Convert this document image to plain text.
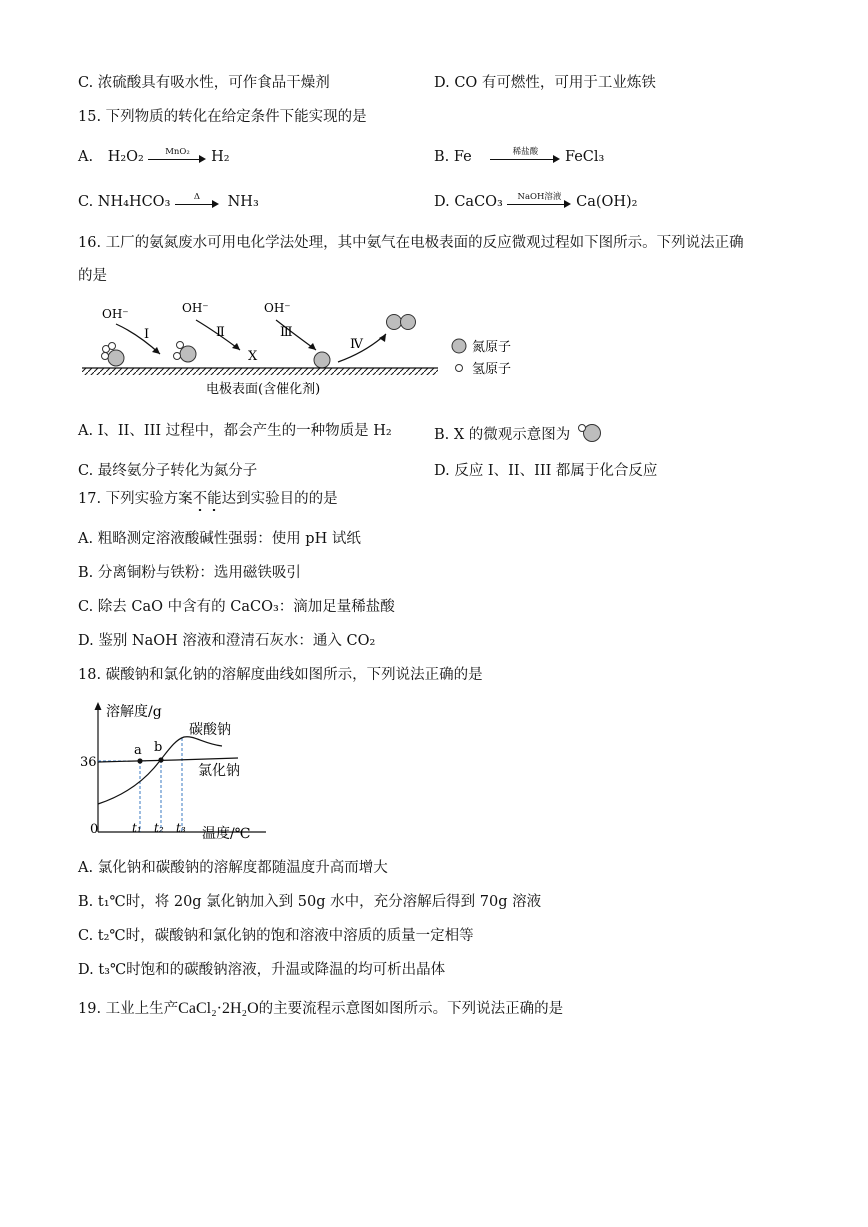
C. 浓硫酸具有吸水性，可作食品干燥剂	D. CO 有可燃性，可用于工业炼铁
15. 下列物质的转化在给定条件下能实现的是
A. H₂O₂	MnO₂	H₂	B. Fe	稀盐酸	FeCl₃
C. NH₄HCO₃	Δ	NH₃	D. CaCO₃	NaOH溶液	Ca(OH)₂
16. 工厂的氨氮废水可用电化学法处理，其中氨气在电极表面的反应微观过程如下图所示。下列说法正确
的是
OH⁻	OH⁻	OH⁻
Ⅰ	Ⅱ	Ⅲ
Ⅳ
X
电极表面(含催化剂)
氮原子
氢原子
A. I、II、III 过程中，都会产生的一种物质是 H₂	B. X 的微观示意图为
C. 最终氨分子转化为氮分子	D. 反应 I、II、III 都属于化合反应
17. 下列实验方案不能达到实验目的的是
A. 粗略测定溶液酸碱性强弱：使用 pH 试纸
B. 分离铜粉与铁粉：选用磁铁吸引
C. 除去 CaO 中含有的 CaCO₃：滴加足量稀盐酸
D. 鉴别 NaOH 溶液和澄清石灰水：通入 CO₂
18. 碳酸钠和氯化钠的溶解度曲线如图所示，下列说法正确的是
溶解度/g
36
0
a b
碳酸钠
氯化钠
t₁ t₂ t₃ 温度/℃
A. 氯化钠和碳酸钠的溶解度都随温度升高而增大
B. t₁℃时，将 20g 氯化钠加入到 50g 水中，充分溶解后得到 70g 溶液
C. t₂℃时，碳酸钠和氯化钠的饱和溶液中溶质的质量一定相等
D. t₃℃时饱和的碳酸钠溶液，升温或降温的均可析出晶体
19. 工业上生产CaCl₂·2H₂O的主要流程示意图如图所示。下列说法正确的是
